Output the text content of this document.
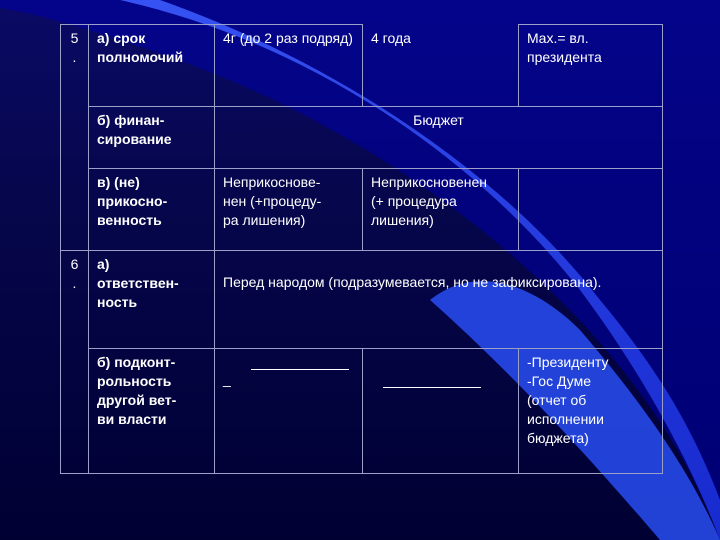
5
.	а) срок полномочий	4г (до 2 раз подряд)	4 года	Max.= вл. президента
	б) финан-
сирование	Бюджет		
	в) (не)
прикосно-
венность	Неприкоснове-
нен (+процеду-
ра лишения)	Неприкосновенен
(+ процедура
лишения)	
6
.	а)
ответствен-
ность	Перед народом (подразумевается, но не зафиксирована).		
	б) подконт-
рольность
другой вет-
ви власти	_		-Президенту
-Гос Думе
(отчет об
исполнении
бюджета)
